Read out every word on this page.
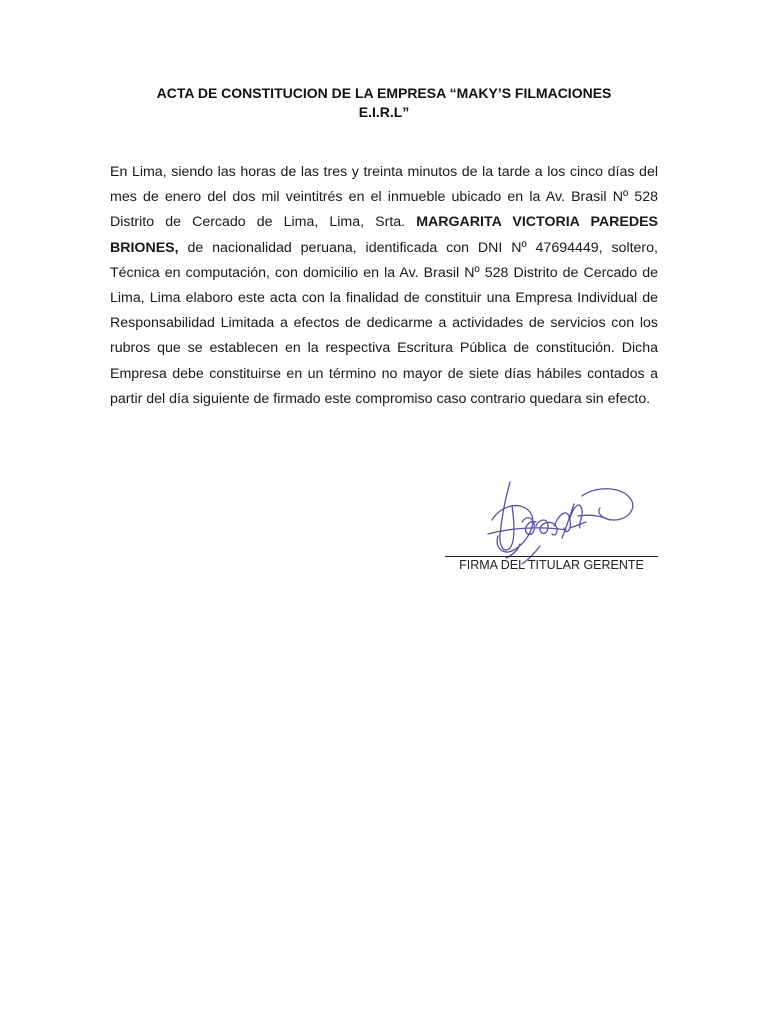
ACTA DE CONSTITUCION DE LA EMPRESA “MAKY’S FILMACIONES
E.I.R.L”

En Lima, siendo las horas de las tres y treinta minutos de la tarde a los cinco días del mes de enero del dos mil veintitrés en el inmueble ubicado en la Av. Brasil Nº 528 Distrito de Cercado de Lima, Lima, Srta. MARGARITA VICTORIA PAREDES BRIONES, de nacionalidad peruana, identificada con DNI Nº 47694449, soltero, Técnica en computación, con domicilio en la Av. Brasil Nº 528 Distrito de Cercado de Lima, Lima elaboro este acta con la finalidad de constituir una Empresa Individual de Responsabilidad Limitada a efectos de dedicarme a actividades de servicios con los rubros que se establecen en la respectiva Escritura Pública de constitución. Dicha Empresa debe constituirse en un término no mayor de siete días hábiles contados a partir del día siguiente de firmado este compromiso caso contrario quedara sin efecto.

FIRMA DEL TITULAR GERENTE
